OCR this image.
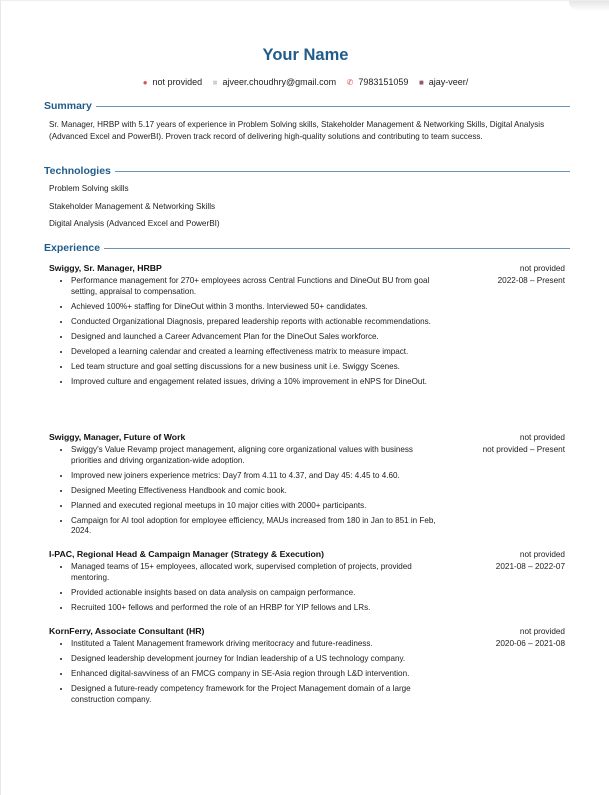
Your Name
● not provided ■ ajveer.choudhry@gmail.com ✆ 7983151059 ■ ajay-veer/
Summary
Sr. Manager, HRBP with 5.17 years of experience in Problem Solving skills, Stakeholder Management & Networking Skills, Digital Analysis (Advanced Excel and PowerBI). Proven track record of delivering high-quality solutions and contributing to team success.
Technologies
Problem Solving skills
Stakeholder Management & Networking Skills
Digital Analysis (Advanced Excel and PowerBI)
Experience
Swiggy, Sr. Manager, HRBP	not provided
2022-08 – Present
• Performance management for 270+ employees across Central Functions and DineOut BU from goal setting, appraisal to compensation.
• Achieved 100%+ staffing for DineOut within 3 months. Interviewed 50+ candidates.
• Conducted Organizational Diagnosis, prepared leadership reports with actionable recommendations.
• Designed and launched a Career Advancement Plan for the DineOut Sales workforce.
• Developed a learning calendar and created a learning effectiveness matrix to measure impact.
• Led team structure and goal setting discussions for a new business unit i.e. Swiggy Scenes.
• Improved culture and engagement related issues, driving a 10% improvement in eNPS for DineOut.
Swiggy, Manager, Future of Work	not provided
not provided – Present
• Swiggy's Value Revamp project management, aligning core organizational values with business priorities and driving organization-wide adoption.
• Improved new joiners experience metrics: Day7 from 4.11 to 4.37, and Day 45: 4.45 to 4.60.
• Designed Meeting Effectiveness Handbook and comic book.
• Planned and executed regional meetups in 10 major cities with 2000+ participants.
• Campaign for AI tool adoption for employee efficiency, MAUs increased from 180 in Jan to 851 in Feb, 2024.
I-PAC, Regional Head & Campaign Manager (Strategy & Execution)	not provided
2021-08 – 2022-07
• Managed teams of 15+ employees, allocated work, supervised completion of projects, provided mentoring.
• Provided actionable insights based on data analysis on campaign performance.
• Recruited 100+ fellows and performed the role of an HRBP for YIP fellows and LRs.
KornFerry, Associate Consultant (HR)	not provided
2020-06 – 2021-08
• Instituted a Talent Management framework driving meritocracy and future-readiness.
• Designed leadership development journey for Indian leadership of a US technology company.
• Enhanced digital-savviness of an FMCG company in SE-Asia region through L&D intervention.
• Designed a future-ready competency framework for the Project Management domain of a large construction company.
